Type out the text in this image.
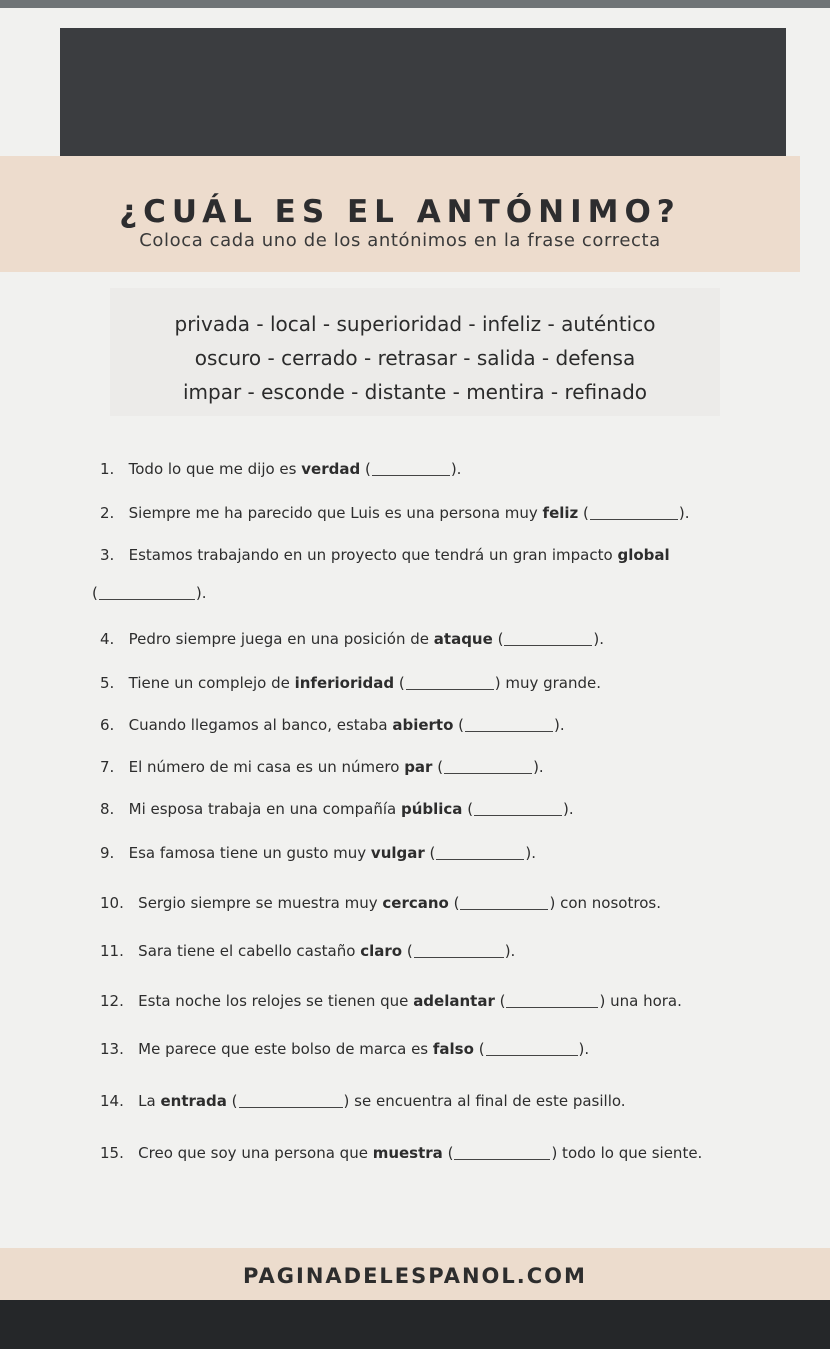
¿CUÁL ES EL ANTÓNIMO?

Coloca cada uno de los antónimos en la frase correcta

privada - local - superioridad - infeliz - auténtico
oscuro - cerrado - retrasar - salida - defensa
impar - esconde - distante - mentira - refinado
1. Todo lo que me dijo es verdad (	).
2. Siempre me ha parecido que Luis es una persona muy feliz (	).
3. Estamos trabajando en un proyecto que tendrá un gran impacto global
(	).
4. Pedro siempre juega en una posición de ataque (	).
5. Tiene un complejo de inferioridad (	) muy grande.
6. Cuando llegamos al banco, estaba abierto (	).
7. El número de mi casa es un número par (	).
8. Mi esposa trabaja en una compañía pública (	).
9. Esa famosa tiene un gusto muy vulgar (	).
10. Sergio siempre se muestra muy cercano (	) con nosotros.
11. Sara tiene el cabello castaño claro (	).
12. Esta noche los relojes se tienen que adelantar (	) una hora.
13. Me parece que este bolso de marca es falso (	).
14. La entrada (	) se encuentra al final de este pasillo.
15. Creo que soy una persona que muestra (	) todo lo que siente.
PAGINADELESPANOL.COM
